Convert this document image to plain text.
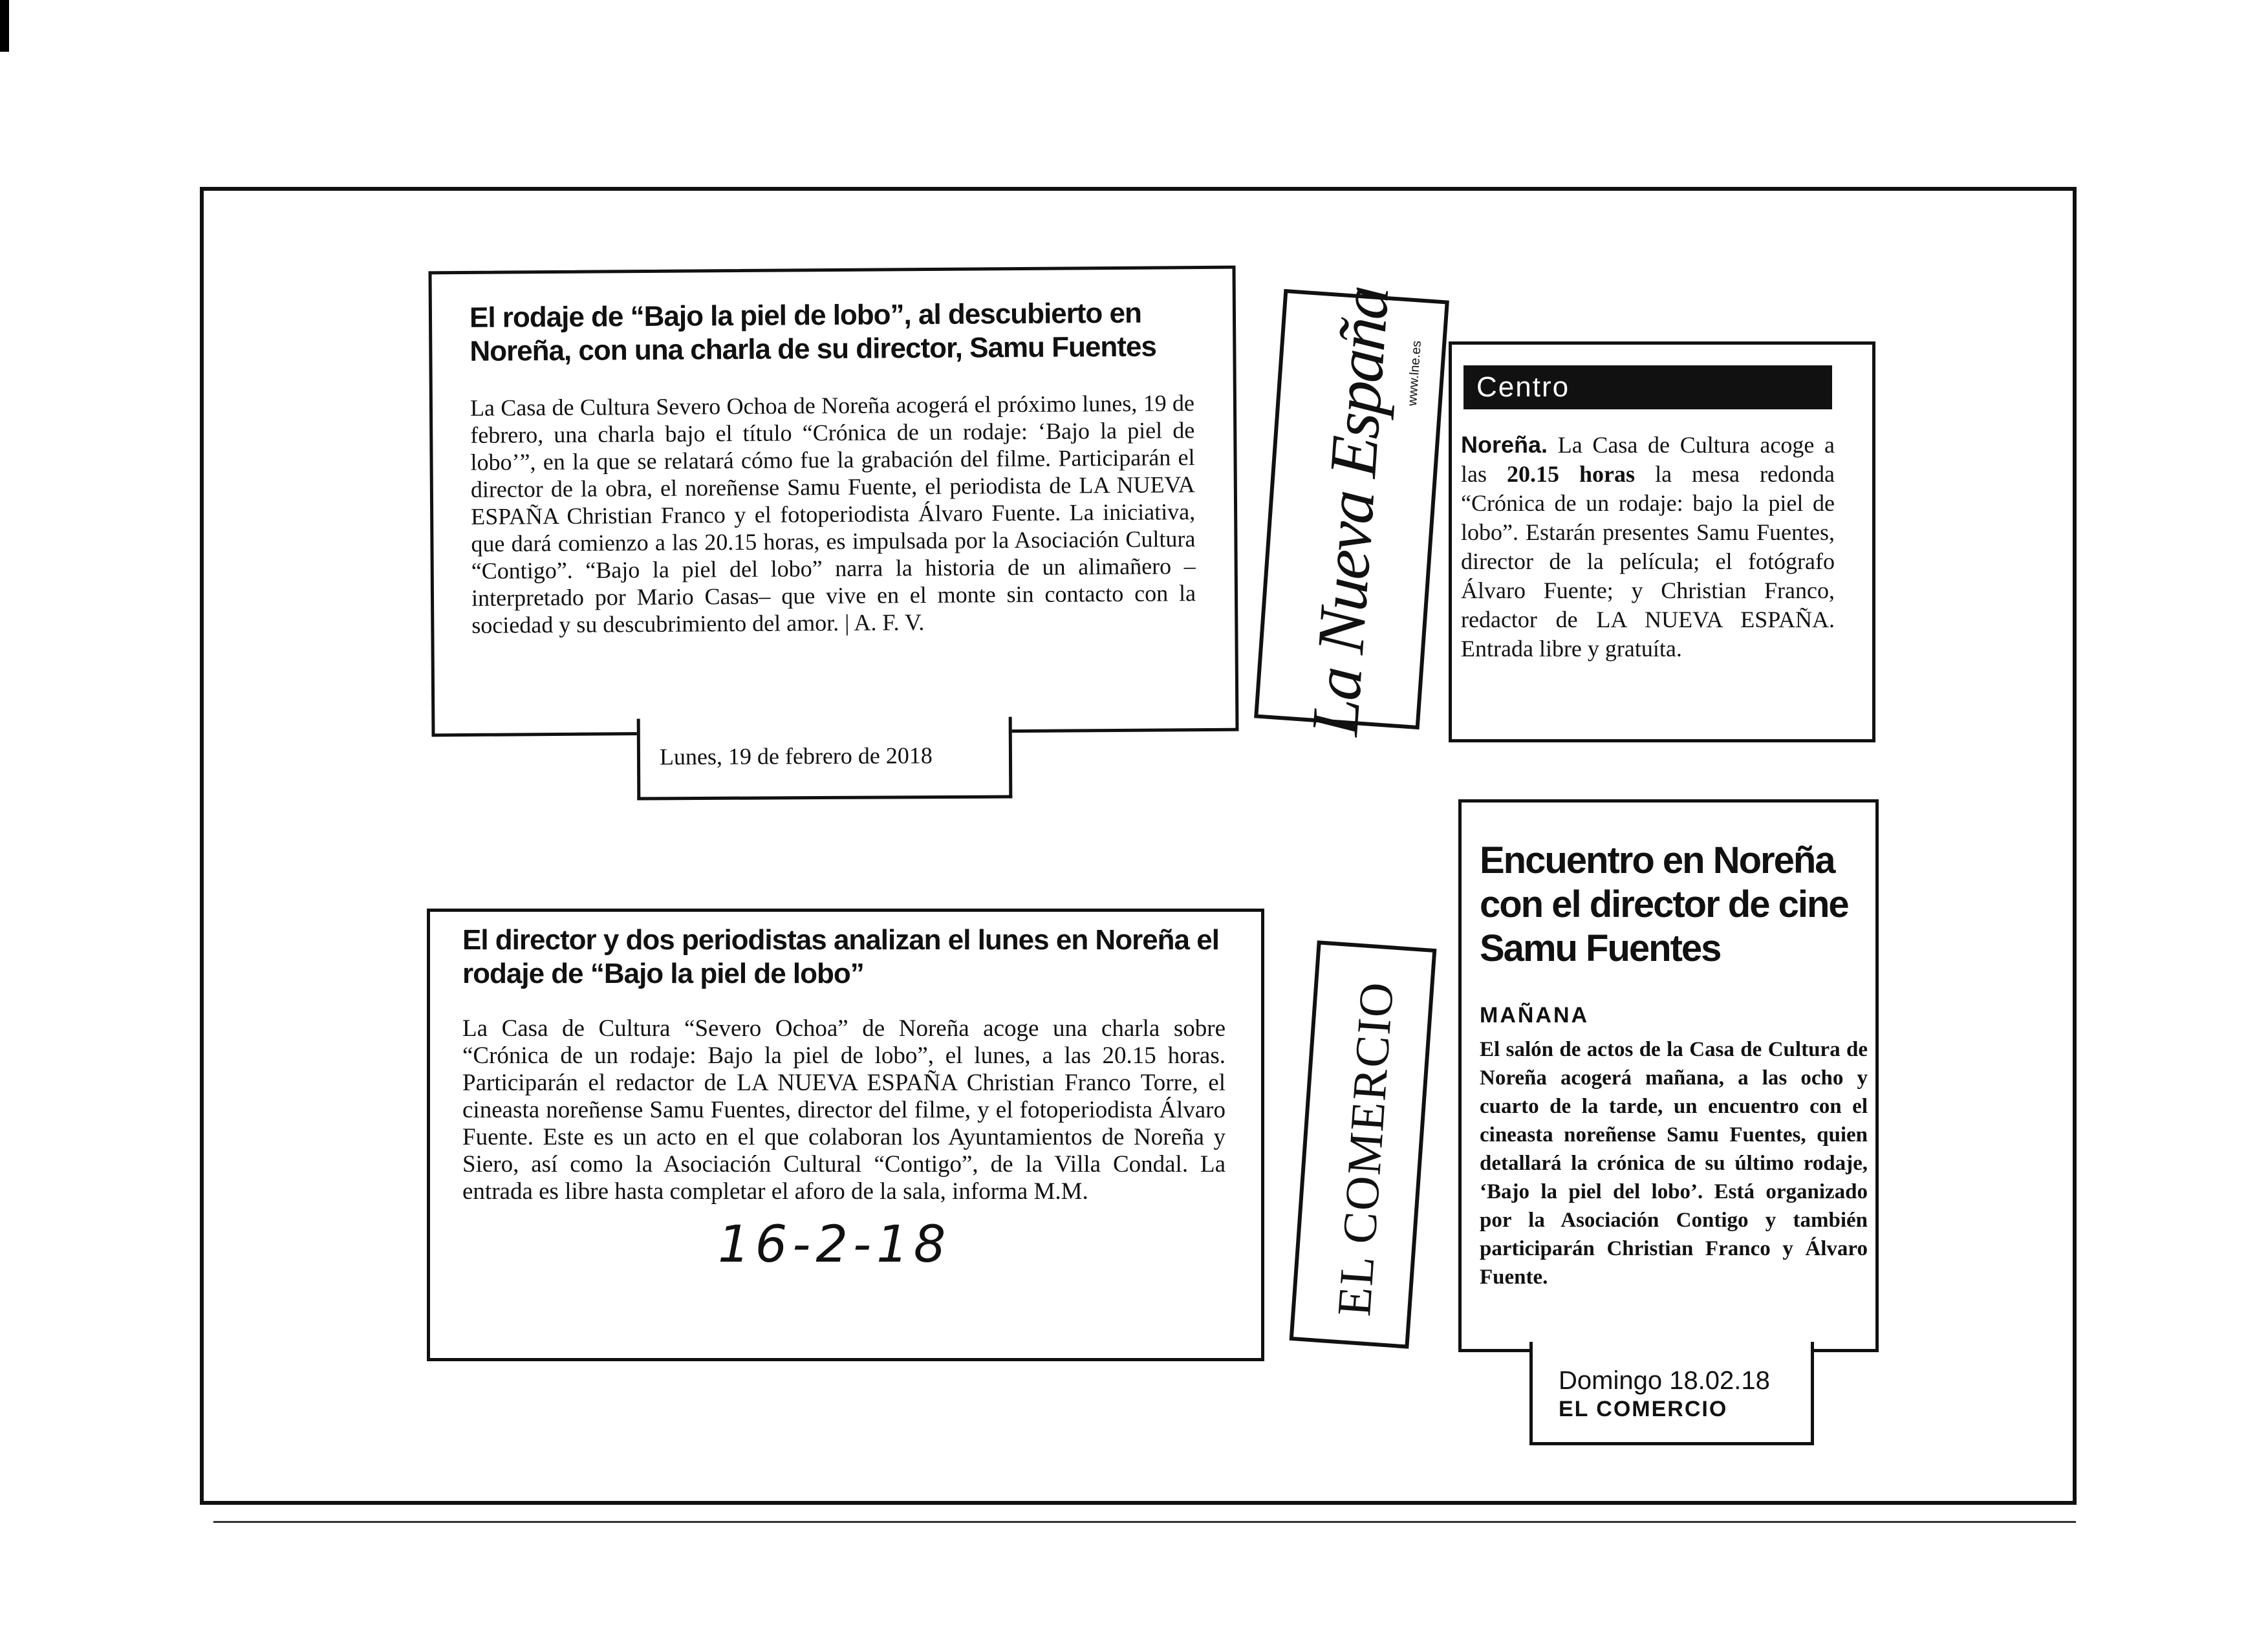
El rodaje de “Bajo la piel de lobo”, al descubierto en Noreña, con una charla de su director, Samu Fuentes

La Casa de Cultura Severo Ochoa de Noreña acogerá el próximo lunes, 19 de febrero, una charla bajo el título “Crónica de un rodaje: ‘Bajo la piel de lobo’”, en la que se relatará cómo fue la grabación del filme. Participarán el director de la obra, el noreñense Samu Fuente, el periodista de LA NUEVA ESPAÑA Christian Franco y el fotoperiodista Álvaro Fuente. La iniciativa, que dará comienzo a las 20.15 horas, es impulsada por la Asociación Cultura “Contigo”. “Bajo la piel del lobo” narra la historia de un alimañero –interpretado por Mario Casas– que vive en el monte sin contacto con la sociedad y su descubrimiento del amor. | A. F. V.

Lunes, 19 de febrero de 2018
La Nueva España www.lne.es	Centro

Noreña. La Casa de Cultura acoge a las 20.15 horas la mesa redonda “Crónica de un rodaje: bajo la piel de lobo”. Estarán presentes Samu Fuentes, director de la película; el fotógrafo Álvaro Fuente; y Christian Franco, redactor de LA NUEVA ESPAÑA. Entrada libre y gratuíta.

El director y dos periodistas analizan el lunes en Noreña el rodaje de “Bajo la piel de lobo”

La Casa de Cultura “Severo Ochoa” de Noreña acoge una charla sobre “Crónica de un rodaje: Bajo la piel de lobo”, el lunes, a las 20.15 horas. Participarán el redactor de LA NUEVA ESPAÑA Christian Franco Torre, el cineasta noreñense Samu Fuentes, director del filme, y el fotoperiodista Álvaro Fuente. Este es un acto en el que colaboran los Ayuntamientos de Noreña y Siero, así como la Asociación Cultural “Contigo”, de la Villa Condal. La entrada es libre hasta completar el aforo de la sala, informa M.M.

16-2-18	EL COMERCIO
Encuentro en Noreña con el director de cine Samu Fuentes
MAÑANA

El salón de actos de la Casa de Cultura de Noreña acogerá mañana, a las ocho y cuarto de la tarde, un encuentro con el cineasta noreñense Samu Fuentes, quien detallará la crónica de su último rodaje, ‘Bajo la piel del lobo’. Está organizado por la Asociación Contigo y también participarán Christian Franco y Álvaro Fuente.

Domingo 18.02.18
EL COMERCIO
